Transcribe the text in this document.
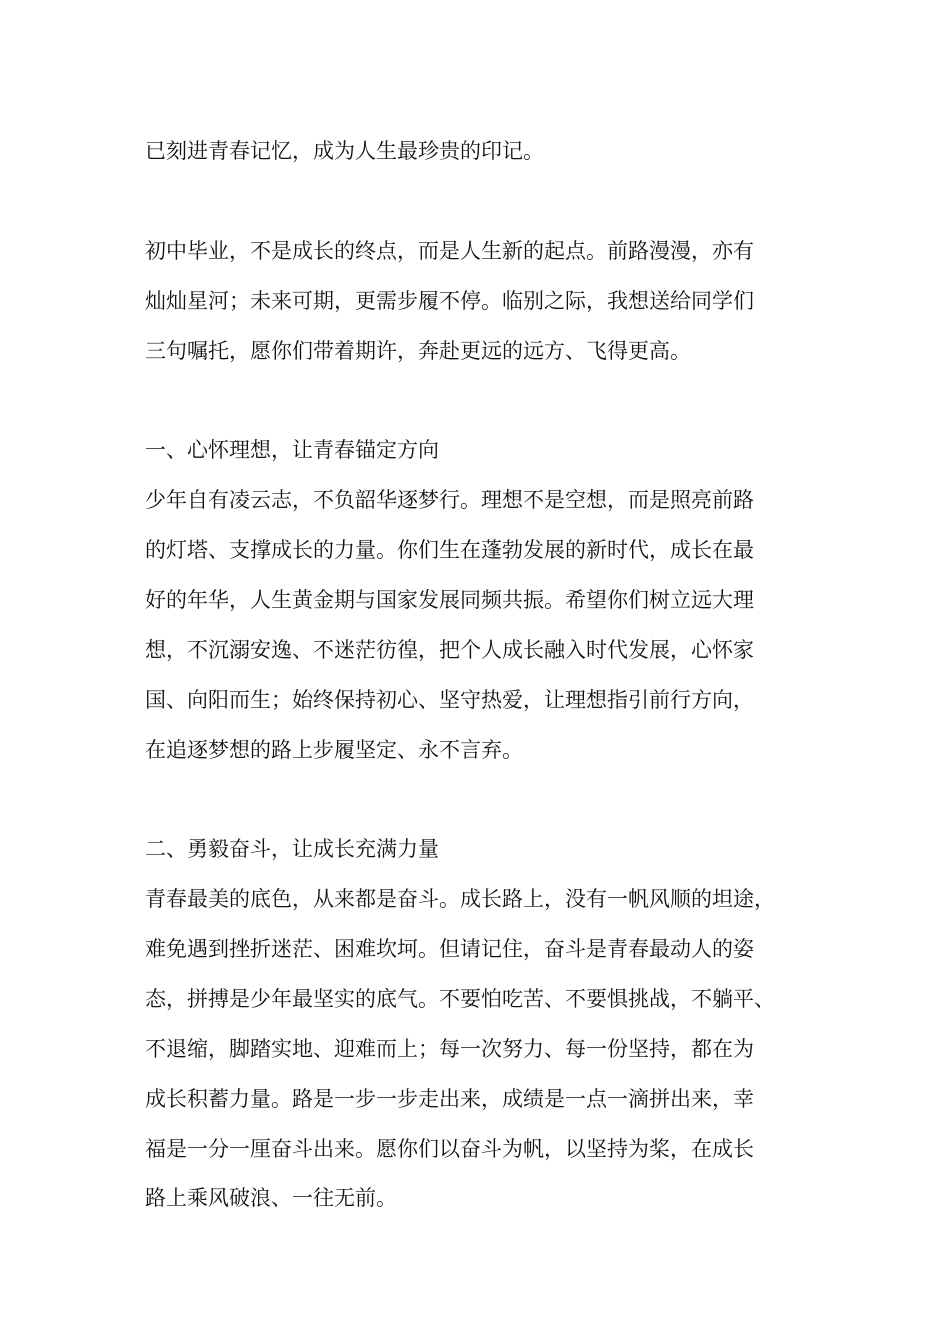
已刻进青春记忆，成为人生最珍贵的印记。
初中毕业，不是成长的终点，而是人生新的起点。前路漫漫，亦有
灿灿星河；未来可期，更需步履不停。临别之际，我想送给同学们
三句嘱托，愿你们带着期许，奔赴更远的远方、飞得更高。
一、心怀理想，让青春锚定方向
少年自有凌云志，不负韶华逐梦行。理想不是空想，而是照亮前路
的灯塔、支撑成长的力量。你们生在蓬勃发展的新时代，成长在最
好的年华，人生黄金期与国家发展同频共振。希望你们树立远大理
想，不沉溺安逸、不迷茫彷徨，把个人成长融入时代发展，心怀家
国、向阳而生；始终保持初心、坚守热爱，让理想指引前行方向，
在追逐梦想的路上步履坚定、永不言弃。
二、勇毅奋斗，让成长充满力量
青春最美的底色，从来都是奋斗。成长路上，没有一帆风顺的坦途，
难免遇到挫折迷茫、困难坎坷。但请记住，奋斗是青春最动人的姿
态，拼搏是少年最坚实的底气。不要怕吃苦、不要惧挑战，不躺平、
不退缩，脚踏实地、迎难而上；每一次努力、每一份坚持，都在为
成长积蓄力量。路是一步一步走出来，成绩是一点一滴拼出来，幸
福是一分一厘奋斗出来。愿你们以奋斗为帆，以坚持为桨，在成长
路上乘风破浪、一往无前。
